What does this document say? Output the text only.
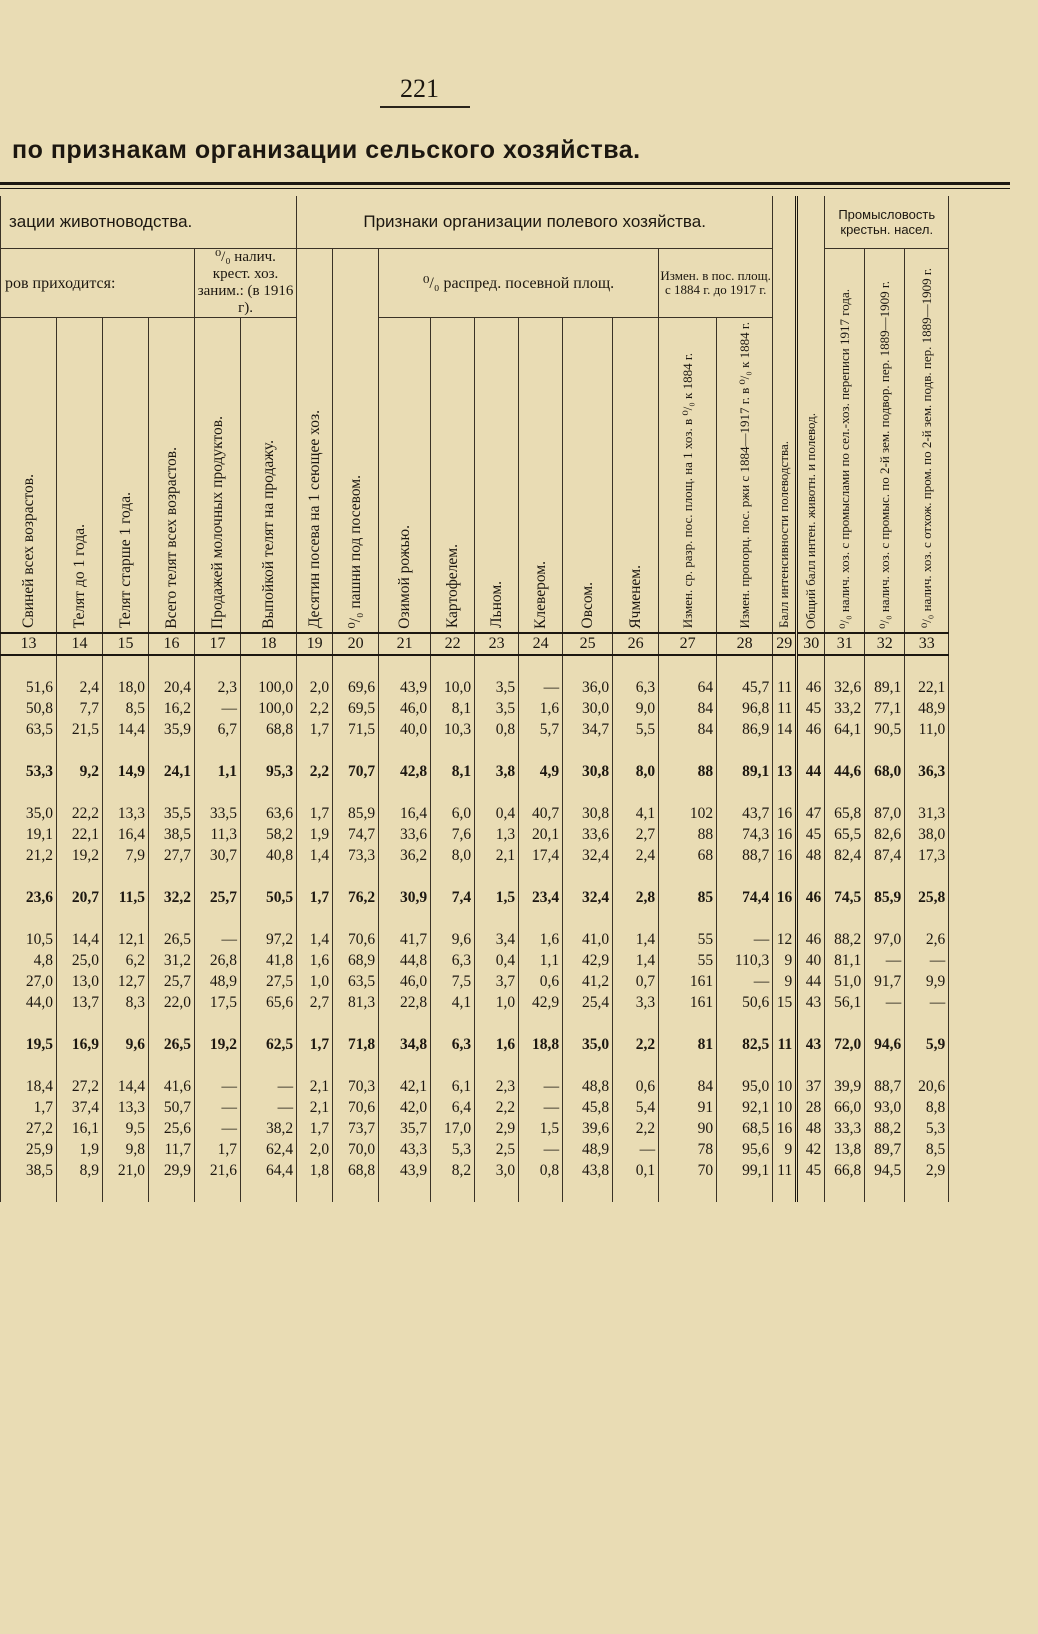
221
по признакам организации сельского хозяйства.
зации животноводства.						Признаки организации полевого хозяйства.										Балл интенсивности полеводства.	Общий балл интен. животн. и полевод.	Промысловость крестьн. насел.		
ров приходится:				⁰/₀ налич. крест. хоз. заним.: (в 1916 г).		Десятин посева на 1 сеющее хоз.	⁰/₀ пашни под посевом.	⁰/₀ распред. посевной площ.						Измен. в пос. площ. с 1884 г. до 1917 г.				⁰/₀ налич. хоз. с промыслами по сел.-хоз. переписи 1917 года.	⁰/₀ налич. хоз. с промыс. по 2-й зем. подвор. пер. 1889—1909 г.	⁰/₀ налич. хоз. с отхож. пром. по 2-й зем. подв. пер. 1889—1909 г.

Свиней всех возрастов.	Телят до 1 года.	Телят старше 1 года.	Всего телят всех возрастов.	Продажей молочных продуктов.	Выпойкой телят на продажу.			Озимой рожью.	Картофелем.	Льном.	Клевером.	Овсом.	Ячменем.	Измен. ср. разр. пос. площ. на 1 хоз. в ⁰/₀ к 1884 г.	Измен. пропорц. пос. ржи с 1884—1917 г. в ⁰/₀ к 1884 г.					

13	14	15	16	17	18	19	20	21	22	23	24	25	26	27	28	29	30	31	32	33

51,6	2,4	18,0	20,4	2,3	100,0	2,0	69,6	43,9	10,0	3,5	—	36,0	6,3	64	45,7	11	46	32,6	89,1	22,1
50,8	7,7	8,5	16,2	—	100,0	2,2	69,5	46,0	8,1	3,5	1,6	30,0	9,0	84	96,8	11	45	33,2	77,1	48,9
63,5	21,5	14,4	35,9	6,7	68,8	1,7	71,5	40,0	10,3	0,8	5,7	34,7	5,5	84	86,9	14	46	64,1	90,5	11,0

53,3	9,2	14,9	24,1	1,1	95,3	2,2	70,7	42,8	8,1	3,8	4,9	30,8	8,0	88	89,1	13	44	44,6	68,0	36,3

35,0	22,2	13,3	35,5	33,5	63,6	1,7	85,9	16,4	6,0	0,4	40,7	30,8	4,1	102	43,7	16	47	65,8	87,0	31,3
19,1	22,1	16,4	38,5	11,3	58,2	1,9	74,7	33,6	7,6	1,3	20,1	33,6	2,7	88	74,3	16	45	65,5	82,6	38,0
21,2	19,2	7,9	27,7	30,7	40,8	1,4	73,3	36,2	8,0	2,1	17,4	32,4	2,4	68	88,7	16	48	82,4	87,4	17,3

23,6	20,7	11,5	32,2	25,7	50,5	1,7	76,2	30,9	7,4	1,5	23,4	32,4	2,8	85	74,4	16	46	74,5	85,9	25,8

10,5	14,4	12,1	26,5	—	97,2	1,4	70,6	41,7	9,6	3,4	1,6	41,0	1,4	55	—	12	46	88,2	97,0	2,6
4,8	25,0	6,2	31,2	26,8	41,8	1,6	68,9	44,8	6,3	0,4	1,1	42,9	1,4	55	110,3	9	40	81,1	—	—
27,0	13,0	12,7	25,7	48,9	27,5	1,0	63,5	46,0	7,5	3,7	0,6	41,2	0,7	161	—	9	44	51,0	91,7	9,9
44,0	13,7	8,3	22,0	17,5	65,6	2,7	81,3	22,8	4,1	1,0	42,9	25,4	3,3	161	50,6	15	43	56,1	—	—

19,5	16,9	9,6	26,5	19,2	62,5	1,7	71,8	34,8	6,3	1,6	18,8	35,0	2,2	81	82,5	11	43	72,0	94,6	5,9

18,4	27,2	14,4	41,6	—	—	2,1	70,3	42,1	6,1	2,3	—	48,8	0,6	84	95,0	10	37	39,9	88,7	20,6
1,7	37,4	13,3	50,7	—	—	2,1	70,6	42,0	6,4	2,2	—	45,8	5,4	91	92,1	10	28	66,0	93,0	8,8
27,2	16,1	9,5	25,6	—	38,2	1,7	73,7	35,7	17,0	2,9	1,5	39,6	2,2	90	68,5	16	48	33,3	88,2	5,3
25,9	1,9	9,8	11,7	1,7	62,4	2,0	70,0	43,3	5,3	2,5	—	48,9	—	78	95,6	9	42	13,8	89,7	8,5
38,5	8,9	21,0	29,9	21,6	64,4	1,8	68,8	43,9	8,2	3,0	0,8	43,8	0,1	70	99,1	11	45	66,8	94,5	2,9
